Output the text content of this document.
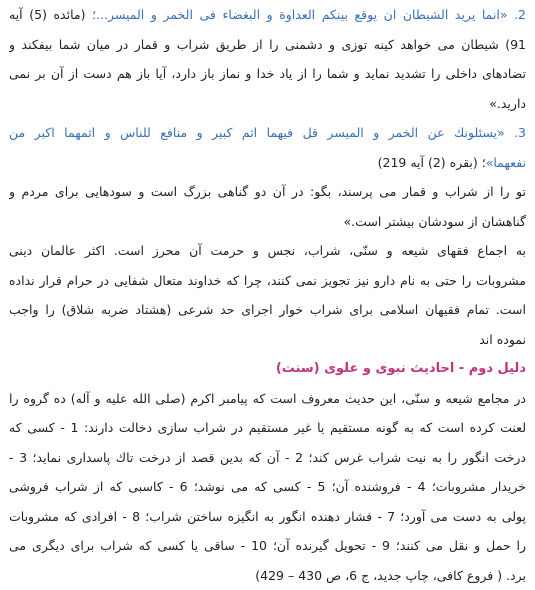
2. «انما يريد الشيطان ان يوقع بينكم العداوة و البغضاء فى الخمر و الميسر...؛ (مائده (5) آيه
91) شيطان مى خواهد كينه توزى و دشمنى را از طريق شراب و قمار در ميان شما بيفكند و
تضادهاى داخلى را تشديد نمايد و شما را از ياد خدا و نماز باز دارد، آيا باز هم دست از آن بر نمى
داريد.»
3. «يسئلونك عن الخمر و الميسر قل فيهما اثم كبير و منافع للناس و اثمهما اكبر من
نفعهما»؛ (بقره (2) آيه 219)
تو را از شراب و قمار مى پرسند، بگو: در آن دو گناهى بزرگ است و سودهايى براى مردم و
گناهشان از سودشان بيشتر است.»
به اجماع فقهاى شيعه و سنّى، شراب، نجس و حرمت آن محرز است. اكثر عالمان دينى
مشروبات را حتى به نام دارو نيز تجويز نمى كنند، چرا كه خداوند متعال شفايى در حرام قرار نداده
است. تمام فقيهان اسلامى براى شراب خوار اجراى حد شرعى (هشتاد ضربه شلاق) را واجب
نموده اند
دليل دوم - احاديث نبوى و علوى (سنت)
در مجامع شيعه و سنّى، اين حديث معروف است كه پيامبر اكرم (صلى الله عليه و آله) ده گروه را
لعنت كرده است كه به گونه مستقيم يا غير مستقيم در شراب سازى دخالت دارند: 1 - كسى كه
درخت انگور را به نيت شراب غرس كند؛ 2 - آن كه بدين قصد از درخت تاك پاسدارى نمايد؛ 3 -
خريدار مشروبات؛ 4 - فروشنده آن؛ 5 - كسى كه مى نوشد؛ 6 - كاسبى كه از شراب فروشى
پولى به دست مى آورد؛ 7 - فشار دهنده انگور به انگيزه ساختن شراب؛ 8 - افرادى كه مشروبات
را حمل و نقل مى كنند؛ 9 - تحويل گيرنده آن؛ 10 - ساقى يا كسى كه شراب براى ديگرى مى
برد. ( فروع كافى، چاپ جديد، ج 6، ص 430 – 429)
